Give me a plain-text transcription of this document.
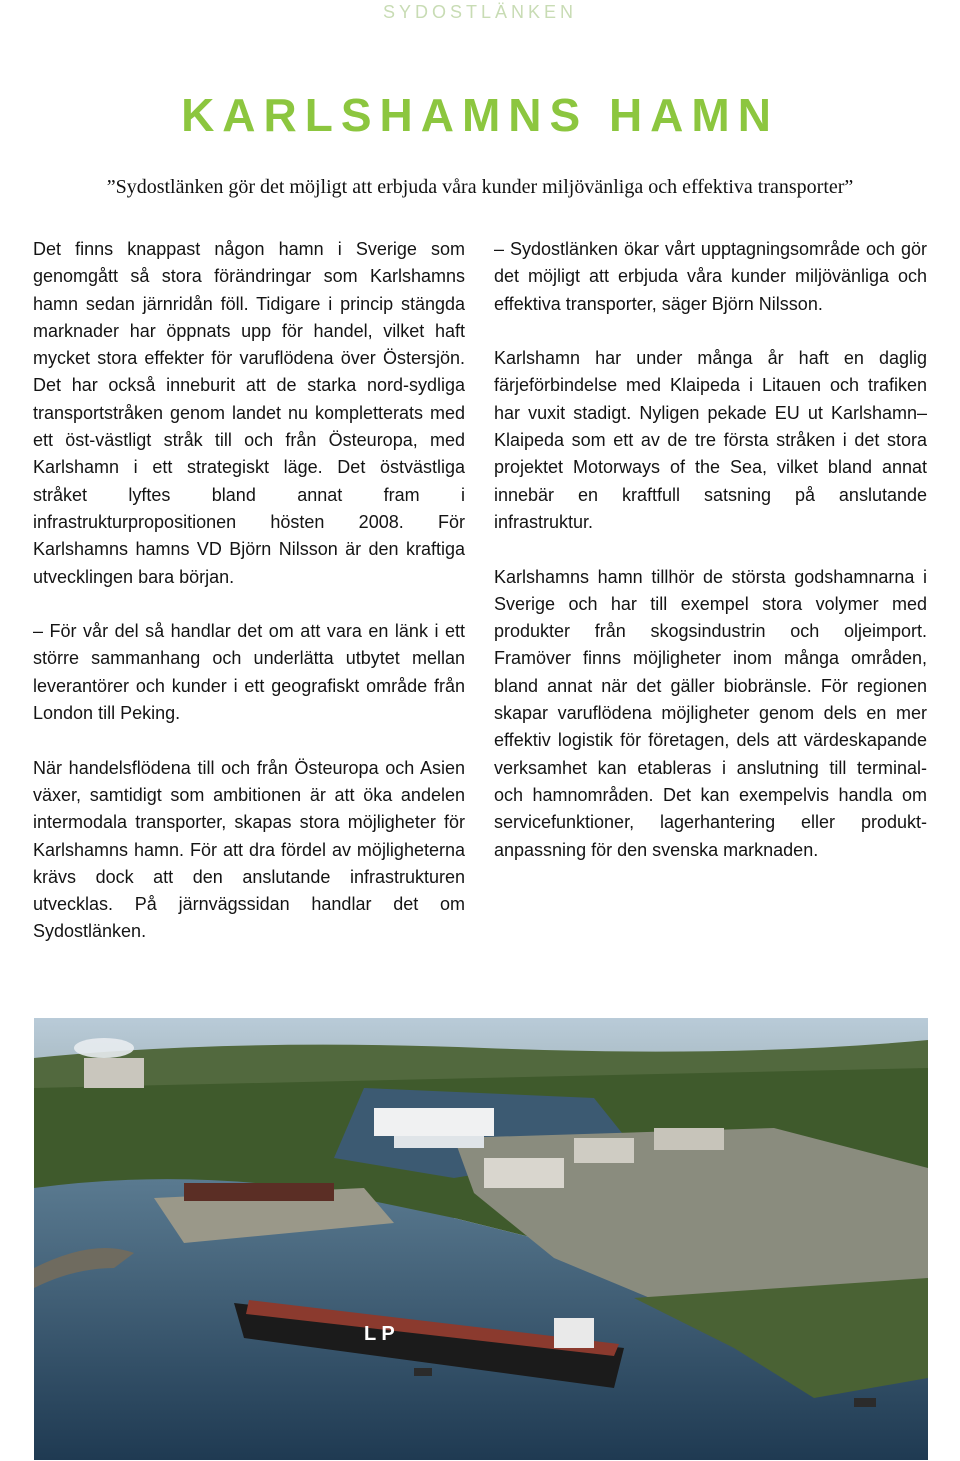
SYDOSTLÄNKEN
KARLSHAMNS HAMN

”Sydostlänken gör det möjligt att erbjuda våra kunder miljövänliga och effektiva transporter”

Det finns knappast någon hamn i Sverige som genomgått så stora förändringar som Karlshamns hamn sedan järnridån föll. Tidigare i princip stängda marknader har öppnats upp för handel, vilket haft mycket stora effekter för varuflödena över Östersjön. Det har också inneburit att de starka nord-sydliga transportstråken genom landet nu kompletterats med ett öst-västligt stråk till och från Östeuropa, med Karlshamn i ett strategiskt läge. Det östvästliga stråket lyftes bland annat fram i infrastrukturpropositionen hösten 2008. För Karlshamns hamns VD Björn Nilsson är den kraftiga utvecklingen bara början.

– För vår del så handlar det om att vara en länk i ett större sammanhang och underlätta utbytet mellan leverantörer och kunder i ett geografiskt område från London till Peking.

När handelsflödena till och från Östeuropa och Asien växer, samtidigt som ambitionen är att öka andelen intermodala transporter, skapas stora möjligheter för Karlshamns hamn. För att dra fördel av möjligheterna krävs dock att den anslutande infrastrukturen utvecklas. På järnvägssidan handlar det om Sydostlänken.

– Sydostlänken ökar vårt upptagningsområde och gör det möjligt att erbjuda våra kunder miljövänliga och effektiva transporter, säger Björn Nilsson.

Karlshamn har under många år haft en daglig färjeförbindelse med Klaipeda i Litauen och trafiken har vuxit stadigt. Nyligen pekade EU ut Karlshamn–Klaipeda som ett av de tre första stråken i det stora projektet Motorways of the Sea, vilket bland annat innebär en kraftfull satsning på anslutande infrastruktur.

Karlshamns hamn tillhör de största godshamnarna i Sverige och har till exempel stora volymer med produkter från skogsindustrin och oljeimport. Framöver finns möjligheter inom många områden, bland annat när det gäller biobränsle. För regionen skapar varuflödena möjligheter genom dels en mer effektiv logistik för företagen, dels att värdeskapande verksamhet kan etableras i anslutning till terminal- och hamnområden. Det kan exempelvis handla om servicefunktioner, lagerhantering eller produktanpassning för den svenska marknaden.

L P
